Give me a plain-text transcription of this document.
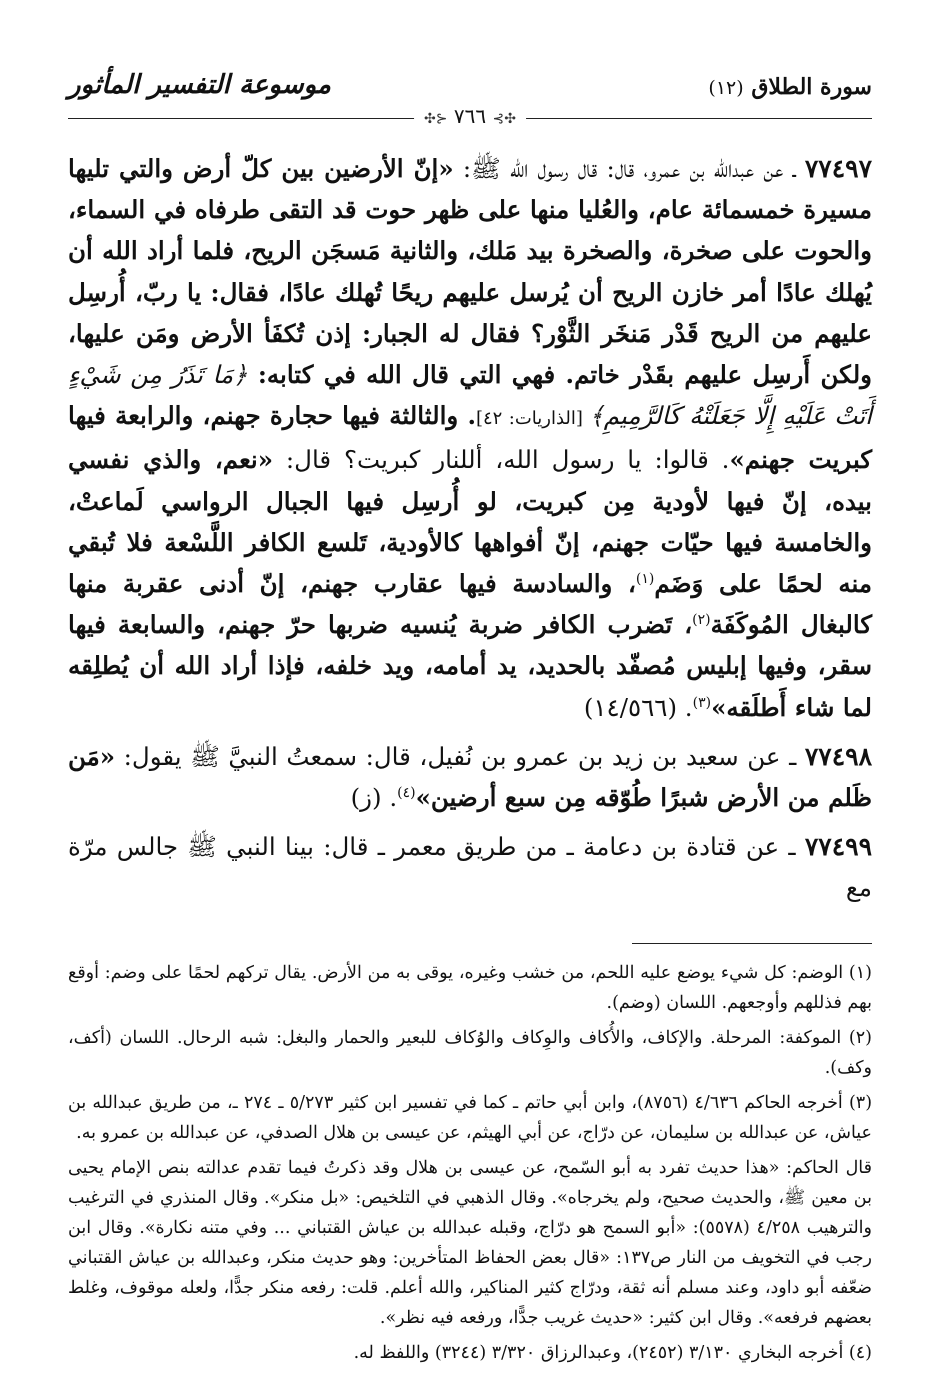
سورة الطلاق (١٢)
موسوعة التفسير المأثور
✣⊱ ٧٦٦ ⊰✣

٧٧٤٩٧ ـ عن عبدالله بن عمرو، قال: قال رسول الله ﷺ: «إنّ الأرضين بين كلّ أرض والتي تليها مسيرة خمسمائة عام، والعُليا منها على ظهر حوت قد التقى طرفاه في السماء، والحوت على صخرة، والصخرة بيد مَلك، والثانية مَسجَن الريح، فلما أراد الله أن يُهلك عادًا أمر خازن الريح أن يُرسل عليهم ريحًا تُهلك عادًا، فقال: يا ربّ، أُرسِل عليهم من الريح قَدْر مَنخَر الثَّوْر؟ فقال له الجبار: إذن تُكفَأ الأرض ومَن عليها، ولكن أَرسِل عليهم بقَدْر خاتم. فهي التي قال الله في كتابه: ﴿مَا تَذَرُ مِن شَيْءٍ أَتَتْ عَلَيْهِ إِلَّا جَعَلَتْهُ كَالرَّمِيمِ﴾ [الذاريات: ٤٢]. والثالثة فيها حجارة جهنم، والرابعة فيها كبريت جهنم». قالوا: يا رسول الله، أللنار كبريت؟ قال: «نعم، والذي نفسي بيده، إنّ فيها لأودية مِن كبريت، لو أُرسِل فيها الجبال الرواسي لَماعتْ، والخامسة فيها حيّات جهنم، إنّ أفواهها كالأودية، تَلسع الكافر اللَّسْعة فلا تُبقي منه لحمًا على وَضَم$^{(١)}$، والسادسة فيها عقارب جهنم، إنّ أدنى عقربة منها كالبغال المُوكَفَة$^{(٢)}$، تَضرب الكافر ضربة يُنسيه ضربها حرّ جهنم، والسابعة فيها سقر، وفيها إبليس مُصفّد بالحديد، يد أمامه، ويد خلفه، فإذا أراد الله أن يُطلِقه لما شاء أَطلَقه»$^{(٣)}$. (١٤/٥٦٦)

٧٧٤٩٨ ـ عن سعيد بن زيد بن عمرو بن نُفيل، قال: سمعتُ النبيَّ ﷺ يقول: «مَن ظَلم من الأرض شبرًا طُوّقه مِن سبع أرضين»$^{(٤)}$. (ز)

٧٧٤٩٩ ـ عن قتادة بن دعامة ـ من طريق معمر ـ قال: بينا النبي ﷺ جالس مرّة مع

(١) الوضم: كل شيء يوضع عليه اللحم، من خشب وغيره، يوقى به من الأرض. يقال تركهم لحمًا على وضم: أوقع بهم فذللهم وأوجعهم. اللسان (وضم).

(٢) الموكفة: المرحلة. والإكاف، والأُكاف والوِكاف والوُكاف للبعير والحمار والبغل: شبه الرحال. اللسان (أكف، وكف).

(٣) أخرجه الحاكم ٤/٦٣٦ (٨٧٥٦)، وابن أبي حاتم ـ كما في تفسير ابن كثير ٥/٢٧٣ ـ ٢٧٤ ـ، من طريق عبدالله بن عياش، عن عبدالله بن سليمان، عن درّاج، عن أبي الهيثم، عن عيسى بن هلال الصدفي، عن عبدالله بن عمرو به.

قال الحاكم: «هذا حديث تفرد به أبو السّمح، عن عيسى بن هلال وقد ذكرتُ فيما تقدم عدالته بنص الإمام يحيى بن معين ﷺ، والحديث صحيح، ولم يخرجاه». وقال الذهبي في التلخيص: «بل منكر». وقال المنذري في الترغيب والترهيب ٤/٢٥٨ (٥٥٧٨): «أبو السمح هو درّاج، وقبله عبدالله بن عياش القتباني ... وفي متنه نكارة». وقال ابن رجب في التخويف من النار ص١٣٧: «قال بعض الحفاظ المتأخرين: وهو حديث منكر، وعبدالله بن عياش القتباني ضعّفه أبو داود، وعند مسلم أنه ثقة، ودرّاج كثير المناكير، والله أعلم. قلت: رفعه منكر جدًّا، ولعله موقوف، وغلط بعضهم فرفعه». وقال ابن كثير: «حديث غريب جدًّا، ورفعه فيه نظر».

(٤) أخرجه البخاري ٣/١٣٠ (٢٤٥٢)، وعبدالرزاق ٣/٣٢٠ (٣٢٤٤) واللفظ له.
